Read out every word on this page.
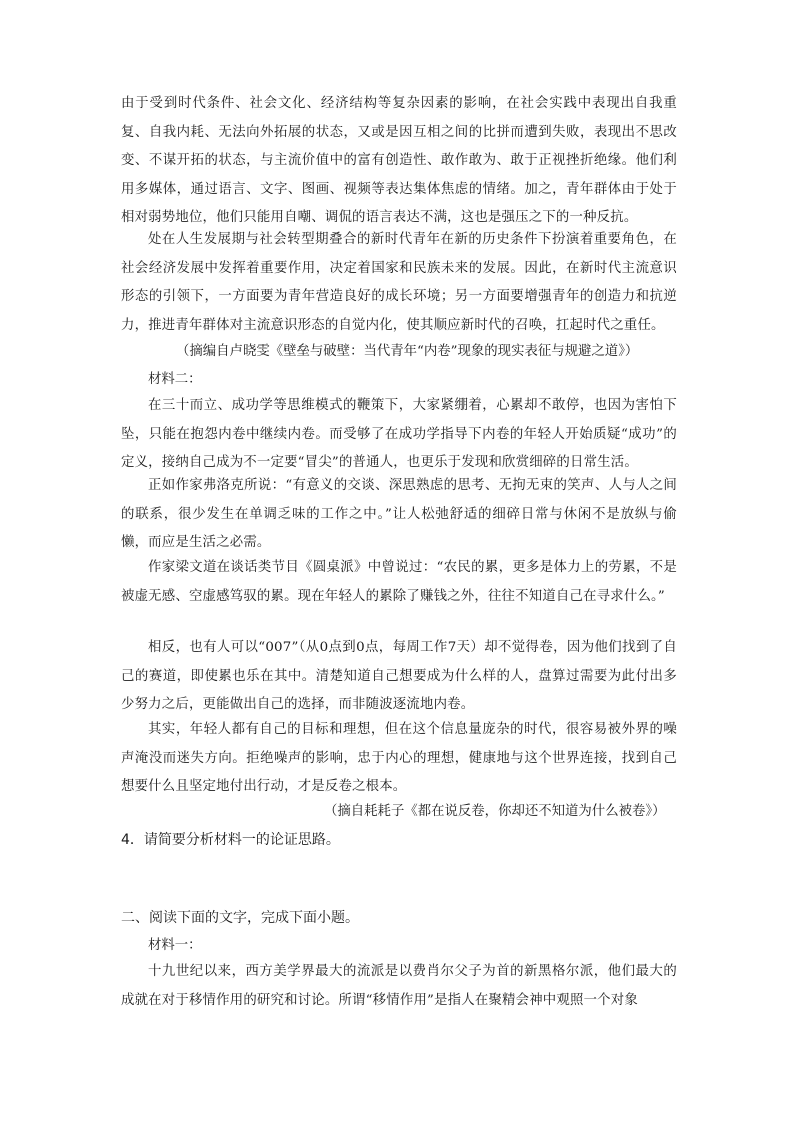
由于受到时代条件、社会文化、经济结构等复杂因素的影响，在社会实践中表现出自我重复、自我内耗、无法向外拓展的状态，又或是因互相之间的比拼而遭到失败，表现出不思改变、不谋开拓的状态，与主流价值中的富有创造性、敢作敢为、敢于正视挫折绝缘。他们利用多媒体，通过语言、文字、图画、视频等表达集体焦虑的情绪。加之，青年群体由于处于相对弱势地位，他们只能用自嘲、调侃的语言表达不满，这也是强压之下的一种反抗。
处在人生发展期与社会转型期叠合的新时代青年在新的历史条件下扮演着重要角色，在社会经济发展中发挥着重要作用，决定着国家和民族未来的发展。因此，在新时代主流意识形态的引领下，一方面要为青年营造良好的成长环境；另一方面要增强青年的创造力和抗逆力，推进青年群体对主流意识形态的自觉内化，使其顺应新时代的召唤，扛起时代之重任。
（摘编自卢晓雯《壁垒与破壁：当代青年“内卷”现象的现实表征与规避之道》）
材料二：
在三十而立、成功学等思维模式的鞭策下，大家紧绷着，心累却不敢停，也因为害怕下坠，只能在抱怨内卷中继续内卷。而受够了在成功学指导下内卷的年轻人开始质疑“成功”的定义，接纳自己成为不一定要“冒尖”的普通人，也更乐于发现和欣赏细碎的日常生活。
正如作家弗洛克所说：“有意义的交谈、深思熟虑的思考、无拘无束的笑声、人与人之间的联系，很少发生在单调乏味的工作之中。”让人松弛舒适的细碎日常与休闲不是放纵与偷懒，而应是生活之必需。
作家梁文道在谈话类节目《圆桌派》中曾说过：“农民的累，更多是体力上的劳累，不是被虚无感、空虚感笃驭的累。现在年轻人的累除了赚钱之外，往往不知道自己在寻求什么。”
相反，也有人可以“007”（从0点到0点，每周工作7天）却不觉得卷，因为他们找到了自己的赛道，即使累也乐在其中。清楚知道自己想要成为什么样的人，盘算过需要为此付出多少努力之后，更能做出自己的选择，而非随波逐流地内卷。
其实，年轻人都有自己的目标和理想，但在这个信息量庞杂的时代，很容易被外界的噪声淹没而迷失方向。拒绝噪声的影响，忠于内心的理想，健康地与这个世界连接，找到自己想要什么且坚定地付出行动，才是反卷之根本。
（摘自耗耗子《都在说反卷，你却还不知道为什么被卷》）
4．请简要分析材料一的论证思路。
二、阅读下面的文字，完成下面小题。
材料一：
十九世纪以来，西方美学界最大的流派是以费肖尔父子为首的新黑格尔派，他们最大的成就在对于移情作用的研究和讨论。所谓“移情作用”是指人在聚精会神中观照一个对象
